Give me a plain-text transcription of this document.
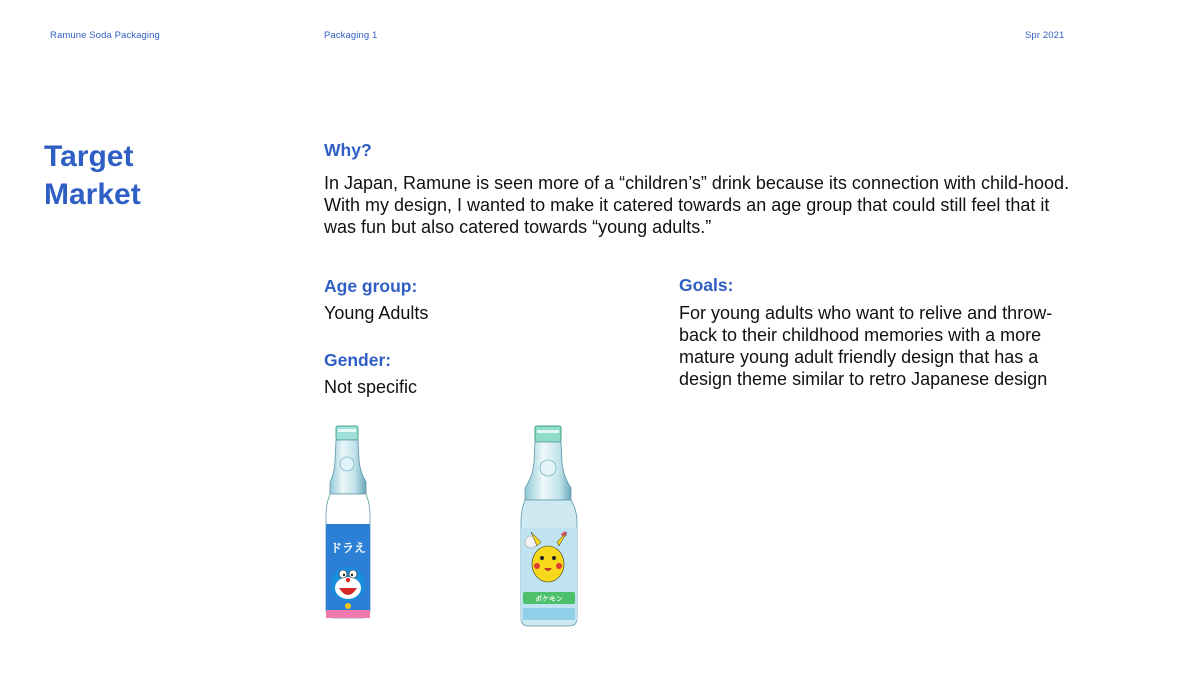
Ramune Soda Packaging	Packaging 1	Spr 2021
Target
Market
Why?

In Japan, Ramune is seen more of a “children’s” drink because its connection with child-hood. With my design, I wanted to make it catered towards an age group that could still feel that it was fun but also catered towards “young adults.”

Age group:

Young Adults

Gender:

Not specific

Goals:

For young adults who want to relive and throw-back to their childhood memories with a more mature young adult friendly design that has a design theme similar to retro Japanese design

ドラえ
ポケモン
